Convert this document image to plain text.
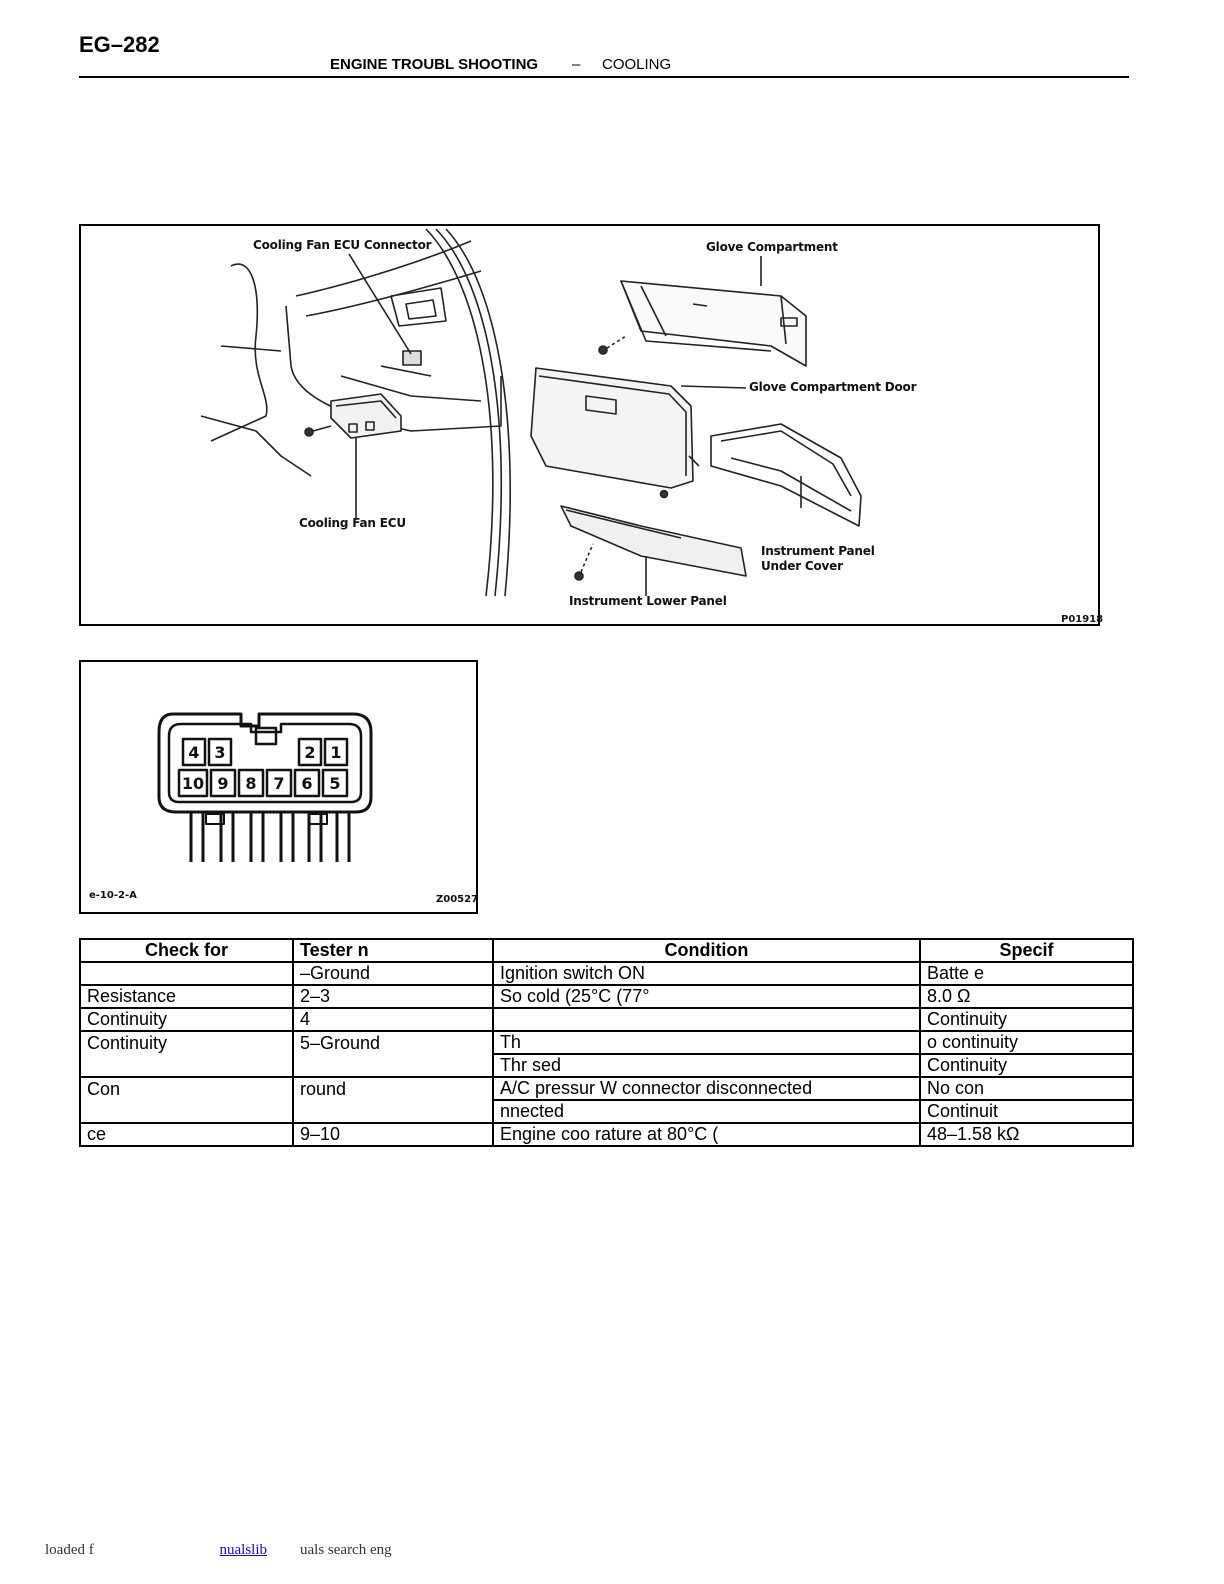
EG–282
ENGINE TROUBL SHOOTING – COOLING
Cooling Fan ECU Connector	Glove Compartment
Glove Compartment Door
Cooling Fan ECU
Instrument Panel
Under Cover
Instrument Lower Panel
P01918
4 3	2 1
10 9 8 7 6 5
e-10-2-A	Z00527
Check for	Tester n	Condition	Specif
	–Ground	Ignition switch ON	Batte e
Resistance	2–3	So cold (25°C (77°	8.0 Ω
Continuity	4		Continuity
Continuity	5–Ground	Th	o continuity
		Thr sed	Continuity
Con	round	A/C pressur W connector disconnected	No con
		nnected	Continuit
ce	9–10	Engine coo rature at 80°C (	48–1.58 kΩ
loaded f	nualslib uals search eng
